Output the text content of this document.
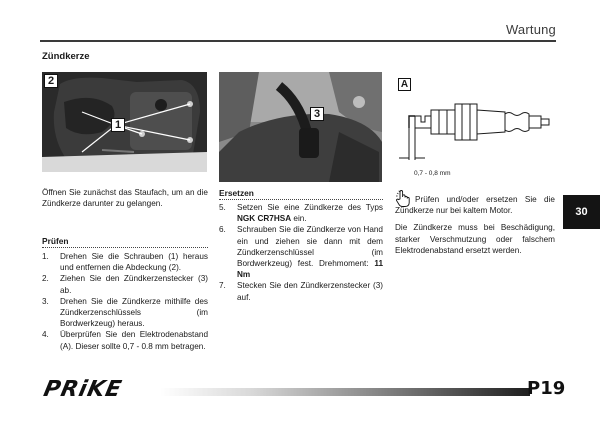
Wartung
Zündkerze
2
1
3
A
0,7 - 0,8 mm
Öffnen Sie zunächst das Staufach, um an die Zündkerze darunter zu gelangen.
Prüfen
1. Drehen Sie die Schrauben (1) heraus und entfernen die Abdeckung (2).
2. Ziehen Sie den Zündkerzenstecker (3) ab.
3. Drehen Sie die Zündkerze mithilfe des Zündkerzenschlüssels (im Bordwerkzeug) heraus.
4. Überprüfen Sie den Elektrodenabstand (A). Dieser sollte 0,7 - 0.8 mm betragen.
Ersetzen
5. Setzen Sie eine Zündkerze des Typs NGK CR7HSA ein.
6. Schrauben Sie die Zündkerze von Hand ein und ziehen sie dann mit dem Zündkerzenschlüssel (im Bordwerkzeug) fest. Drehmoment: 11 Nm
7. Stecken Sie den Zündkerzenstecker (3) auf.
Prüfen und/oder ersetzen Sie die Zündkerze nur bei kaltem Motor.
Die Zündkerze muss bei Beschädigung, starker Verschmutzung oder falschem Elektrodenabstand ersetzt werden.
30
PRiKE	P19
